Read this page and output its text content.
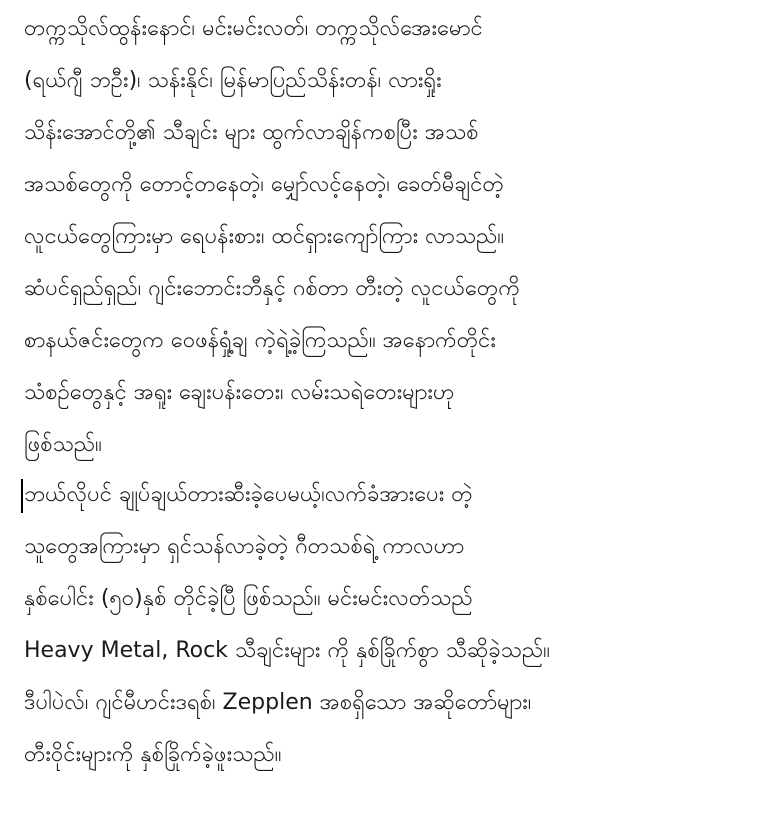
တက္ကသိုလ်ထွန်းနောင်၊ မင်းမင်းလတ်၊ တက္ကသိုလ်အေးမောင်
(ရယ်ဂျီ ဘဦး)၊ သန်းနိုင်၊ မြန်မာပြည်သိန်းတန်၊ လားရှိုး
သိန်းအောင်တို့၏ သီချင်း များ ထွက်လာချိန်ကစပြီး အသစ်
အသစ်တွေကို တောင့်တနေတဲ့၊ မျှော်လင့်နေတဲ့၊ ခေတ်မီချင်တဲ့
လူငယ်တွေကြားမှာ ရေပန်းစား၊ ထင်ရှားကျော်ကြား လာသည်။
ဆံပင်ရှည်ရှည်၊ ဂျင်းဘောင်းဘီနှင့် ဂစ်တာ တီးတဲ့ လူငယ်တွေကို
စာနယ်ဇင်းတွေက ဝေဖန်ရှုံ့ချ ကဲ့ရဲ့ခဲ့ကြသည်။ အနောက်တိုင်း
သံစဉ်တွေနှင့် အရူး ချေးပန်းတေး၊ လမ်းသရဲတေးများဟု
ဖြစ်သည်။
ဘယ်လိုပင် ချုပ်ချယ်တားဆီးခဲ့ပေမယ့်၊လက်ခံအားပေး တဲ့
သူတွေအကြားမှာ ရှင်သန်လာခဲ့တဲ့ ဂီတသစ်ရဲ့ ကာလဟာ
နှစ်ပေါင်း (၅၀)နှစ် တိုင်ခဲ့ပြီ ဖြစ်သည်။ မင်းမင်းလတ်သည်
Heavy Metal, Rock သီချင်းများ ကို နှစ်ခြိုက်စွာ သီဆိုခဲ့သည်။
ဒီပါပဲလ်၊ ဂျင်မီဟင်းဒရစ်၊ Zepplen အစရှိသော အဆိုတော်များ၊
တီးဝိုင်းများကို နှစ်ခြိုက်ခဲ့ဖူးသည်။
